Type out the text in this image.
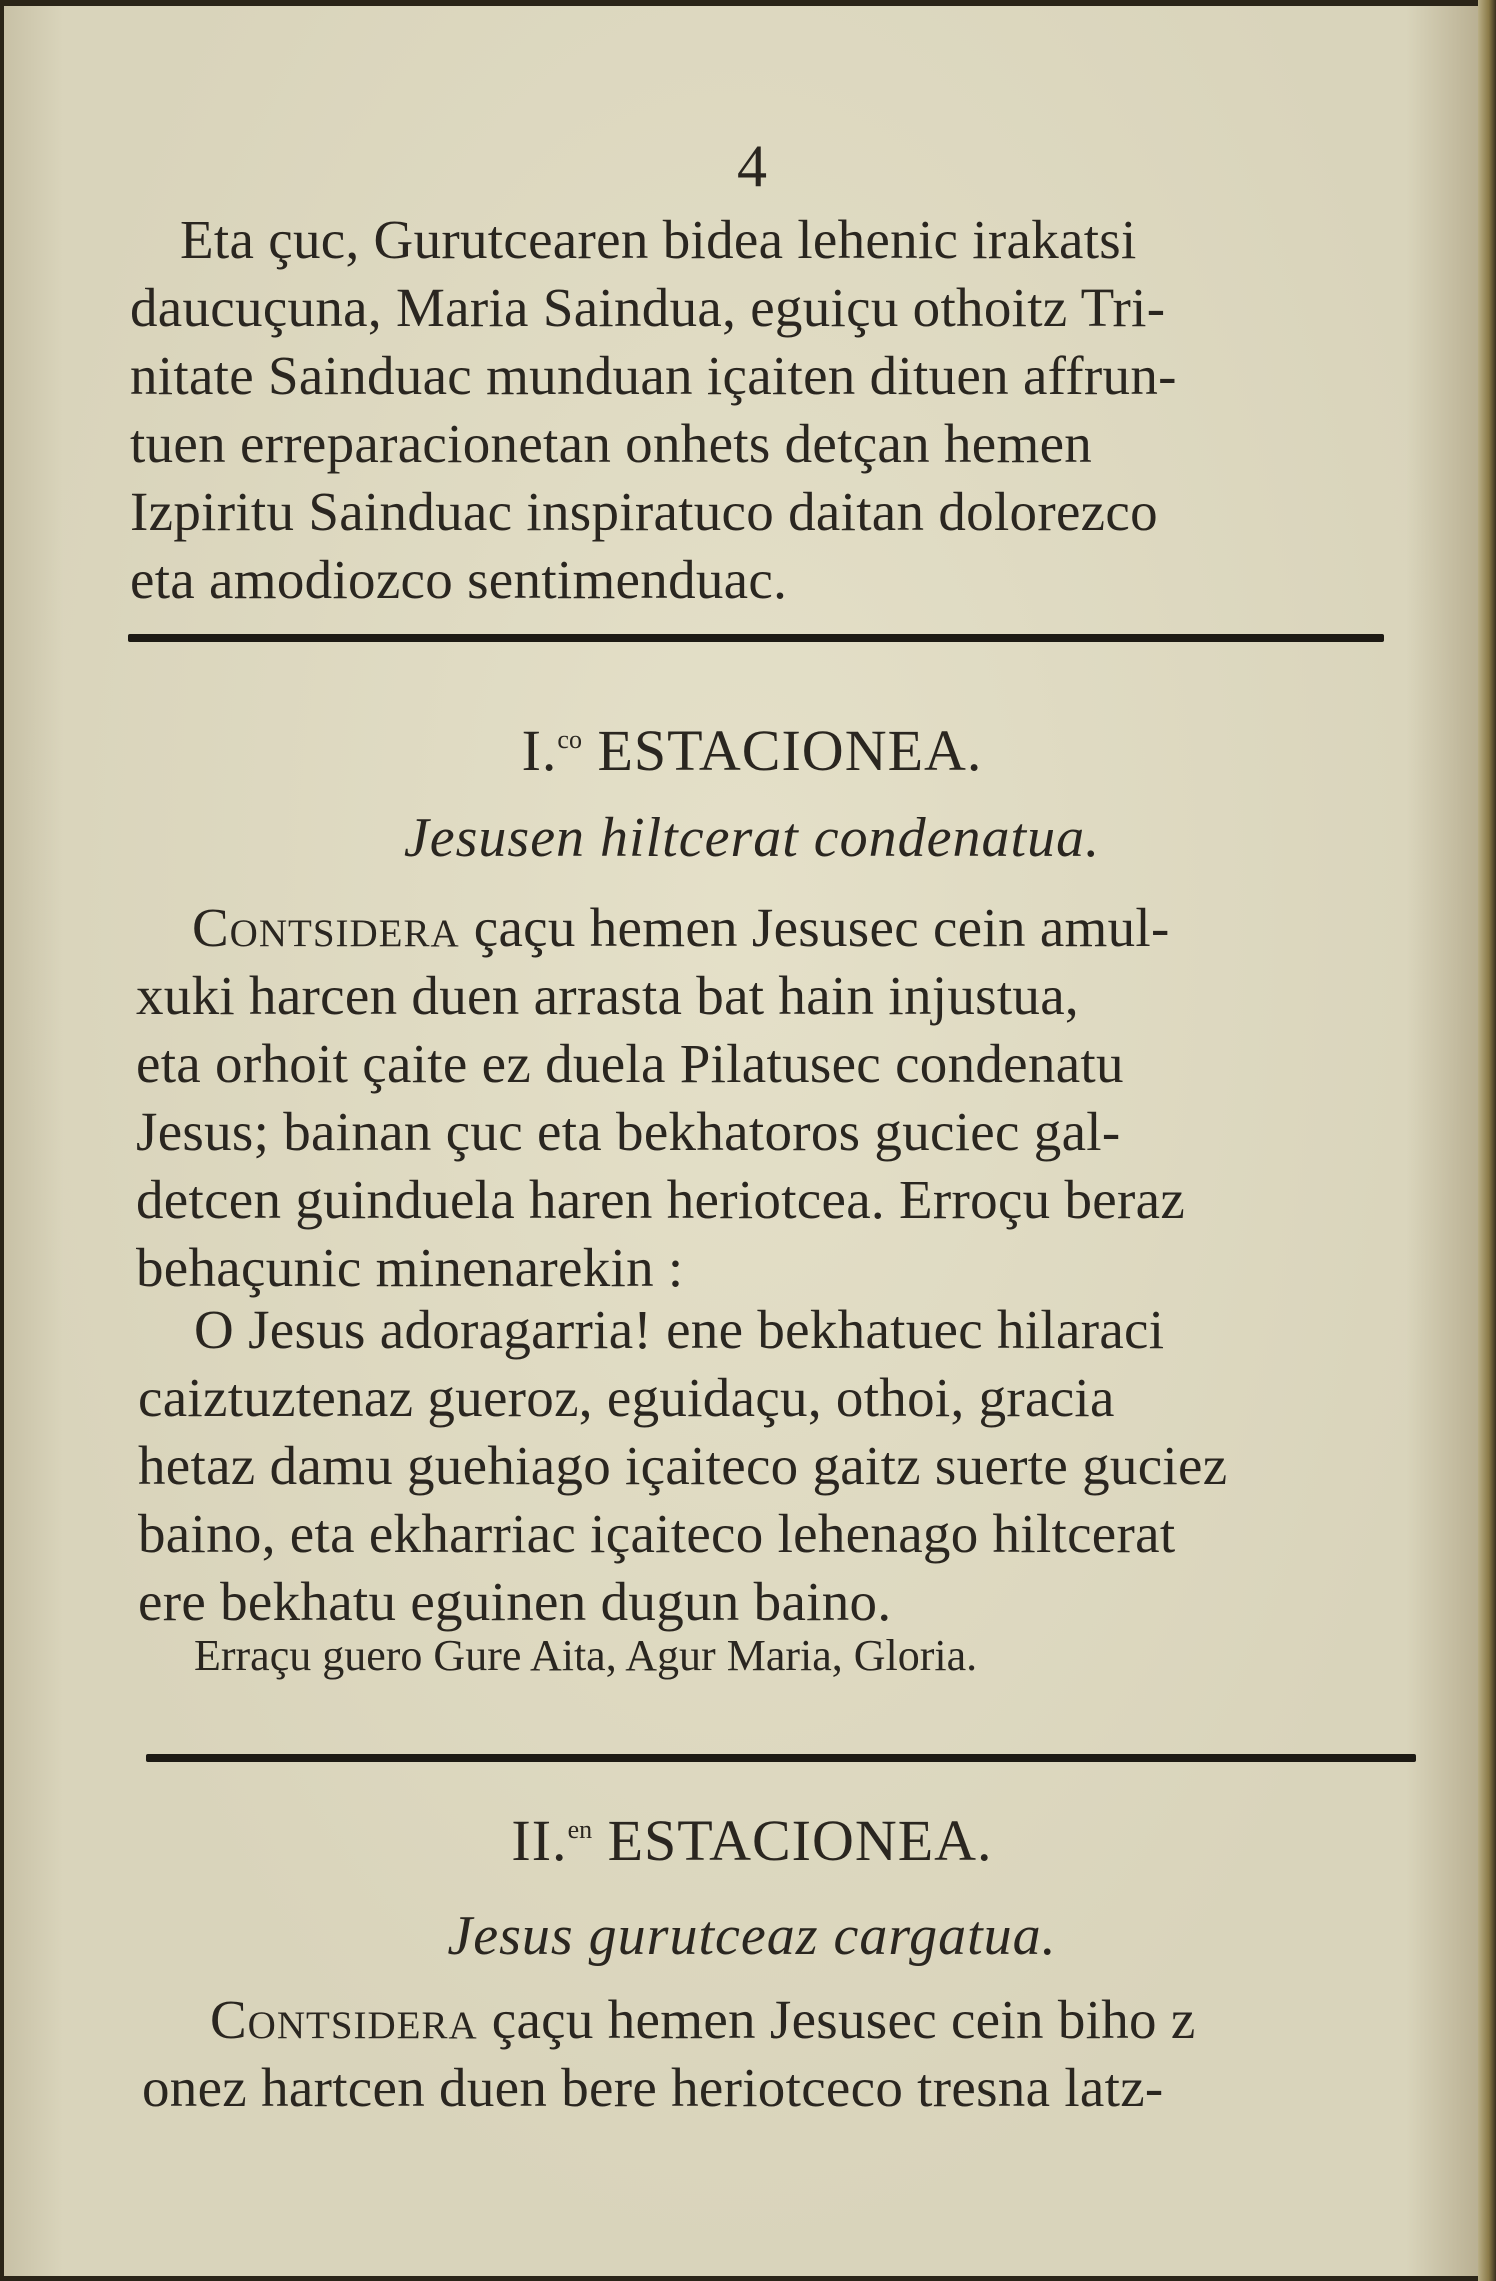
4
Eta çuc, Gurutcearen bidea lehenic irakatsi
daucuçuna, Maria Saindua, eguiçu othoitz Tri-
nitate Sainduac munduan içaiten dituen affrun-
tuen erreparacionetan onhets detçan hemen
Izpiritu Sainduac inspiratuco daitan dolorezco
eta amodiozco sentimenduac.
I.$^{co}$ ESTACIONEA.
Jesusen hiltcerat condenatua.
Contsidera çaçu hemen Jesusec cein amul-
xuki harcen duen arrasta bat hain injustua,
eta orhoit çaite ez duela Pilatusec condenatu
Jesus; bainan çuc eta bekhatoros guciec gal-
detcen guinduela haren heriotcea. Erroçu beraz
behaçunic minenarekin :
O Jesus adoragarria! ene bekhatuec hilaraci
caiztuztenaz gueroz, eguidaçu, othoi, gracia
hetaz damu guehiago içaiteco gaitz suerte guciez
baino, eta ekharriac içaiteco lehenago hiltcerat
ere bekhatu eguinen dugun baino.
Erraçu guero Gure Aita, Agur Maria, Gloria.
II.$^{en}$ ESTACIONEA.
Jesus gurutceaz cargatua.
Contsidera çaçu hemen Jesusec cein biho z
onez hartcen duen bere heriotceco tresna latz-
